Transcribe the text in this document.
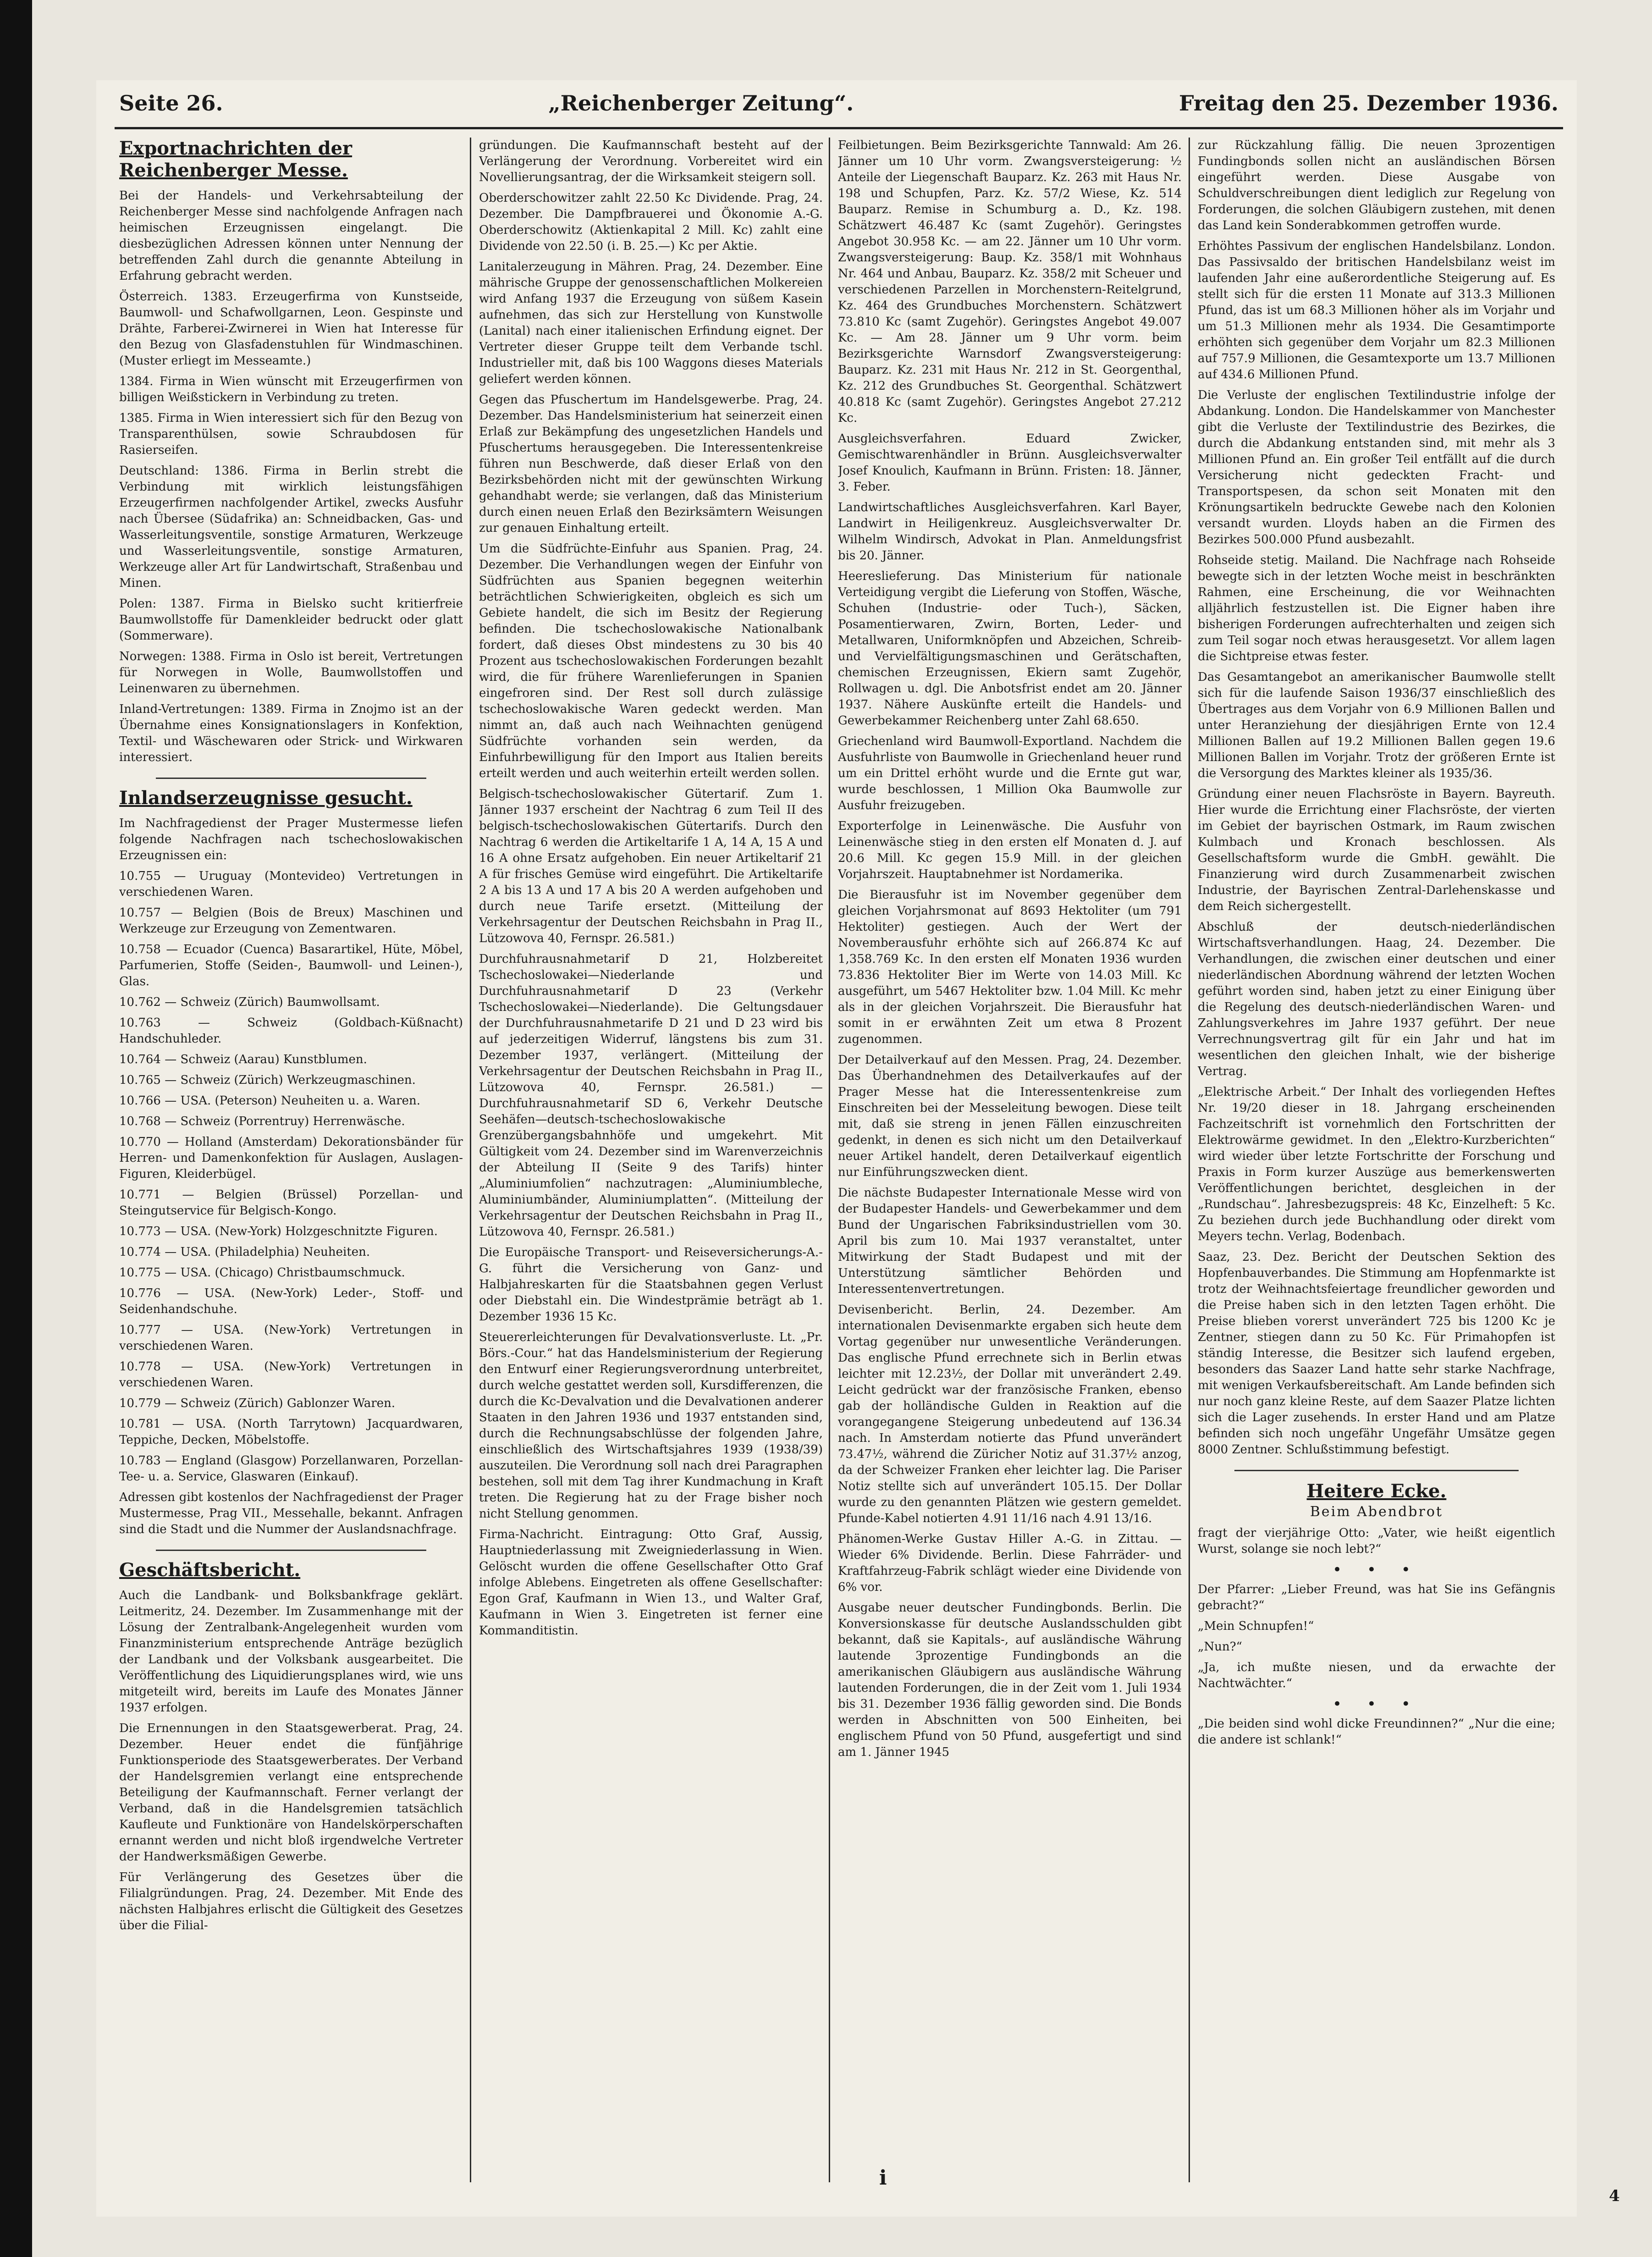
Seite 26.	„Reichenberger Zeitung“.	Freitag den 25. Dezember 1936.
Exportnachrichten der Reichenberger Messe.

Bei der Handels- und Verkehrsabteilung der Reichenberger Messe sind nachfolgende Anfragen nach heimischen Erzeugnissen eingelangt. Die diesbezüglichen Adressen können unter Nennung der betreffenden Zahl durch die genannte Abteilung in Erfahrung gebracht werden.

Österreich. 1383. Erzeugerfirma von Kunstseide, Baumwoll- und Schafwollgarnen, Leon. Gespinste und Drähte, Farberei-Zwirnerei in Wien hat Interesse für den Bezug von Glasfadenstuhlen für Windmaschinen. (Muster erliegt im Messeamte.)

1384. Firma in Wien wünscht mit Erzeugerfirmen von billigen Weißstickern in Verbindung zu treten.

1385. Firma in Wien interessiert sich für den Bezug von Transparenthülsen, sowie Schraubdosen für Rasierseifen.

Deutschland: 1386. Firma in Berlin strebt die Verbindung mit wirklich leistungsfähigen Erzeugerfirmen nachfolgender Artikel, zwecks Ausfuhr nach Übersee (Südafrika) an: Schneidbacken, Gas- und Wasserleitungsventile, sonstige Armaturen, Werkzeuge und Wasserleitungsventile, sonstige Armaturen, Werkzeuge aller Art für Landwirtschaft, Straßenbau und Minen.

Polen: 1387. Firma in Bielsko sucht kritierfreie Baumwollstoffe für Damenkleider bedruckt oder glatt (Sommerware).

Norwegen: 1388. Firma in Oslo ist bereit, Vertretungen für Norwegen in Wolle, Baumwollstoffen und Leinenwaren zu übernehmen.

Inland-Vertretungen: 1389. Firma in Znojmo ist an der Übernahme eines Konsignationslagers in Konfektion, Textil- und Wäschewaren oder Strick- und Wirkwaren interessiert.

Inlandserzeugnisse gesucht.

Im Nachfragedienst der Prager Mustermesse liefen folgende Nachfragen nach tschechoslowakischen Erzeugnissen ein:

10.755 — Uruguay (Montevideo) Vertretungen in verschiedenen Waren.

10.757 — Belgien (Bois de Breux) Maschinen und Werkzeuge zur Erzeugung von Zementwaren.

10.758 — Ecuador (Cuenca) Basarartikel, Hüte, Möbel, Parfumerien, Stoffe (Seiden-, Baumwoll- und Leinen-), Glas.

10.762 — Schweiz (Zürich) Baumwollsamt.

10.763 — Schweiz (Goldbach-Küßnacht) Handschuhleder.

10.764 — Schweiz (Aarau) Kunstblumen.

10.765 — Schweiz (Zürich) Werkzeugmaschinen.

10.766 — USA. (Peterson) Neuheiten u. a. Waren.

10.768 — Schweiz (Porrentruy) Herrenwäsche.

10.770 — Holland (Amsterdam) Dekorationsbänder für Herren- und Damenkonfektion für Auslagen, Auslagen-Figuren, Kleiderbügel.

10.771 — Belgien (Brüssel) Porzellan- und Steingutservice für Belgisch-Kongo.

10.773 — USA. (New-York) Holzgeschnitzte Figuren.

10.774 — USA. (Philadelphia) Neuheiten.

10.775 — USA. (Chicago) Christbaumschmuck.

10.776 — USA. (New-York) Leder-, Stoff- und Seidenhandschuhe.

10.777 — USA. (New-York) Vertretungen in verschiedenen Waren.

10.778 — USA. (New-York) Vertretungen in verschiedenen Waren.

10.779 — Schweiz (Zürich) Gablonzer Waren.

10.781 — USA. (North Tarrytown) Jacquardwaren, Teppiche, Decken, Möbelstoffe.

10.783 — England (Glasgow) Porzellanwaren, Porzellan-Tee- u. a. Service, Glaswaren (Einkauf).

Adressen gibt kostenlos der Nachfragedienst der Prager Mustermesse, Prag VII., Messehalle, bekannt. Anfragen sind die Stadt und die Nummer der Auslandsnachfrage.

Geschäftsbericht.

Auch die Landbank- und Bolksbankfrage geklärt. Leitmeritz, 24. Dezember. Im Zusammenhange mit der Lösung der Zentralbank-Angelegenheit wurden vom Finanzministerium entsprechende Anträge bezüglich der Landbank und der Volksbank ausgearbeitet. Die Veröffentlichung des Liquidierungsplanes wird, wie uns mitgeteilt wird, bereits im Laufe des Monates Jänner 1937 erfolgen.

Die Ernennungen in den Staatsgewerberat. Prag, 24. Dezember. Heuer endet die fünfjährige Funktionsperiode des Staatsgewerberates. Der Verband der Handelsgremien verlangt eine entsprechende Beteiligung der Kaufmannschaft. Ferner verlangt der Verband, daß in die Handelsgremien tatsächlich Kaufleute und Funktionäre von Handelskörperschaften ernannt werden und nicht bloß irgendwelche Vertreter der Handwerksmäßigen Gewerbe.

Für Verlängerung des Gesetzes über die Filialgründungen. Prag, 24. Dezember. Mit Ende des nächsten Halbjahres erlischt die Gültigkeit des Gesetzes über die Filial-

gründungen. Die Kaufmannschaft besteht auf der Verlängerung der Verordnung. Vorbereitet wird ein Novellierungsantrag, der die Wirksamkeit steigern soll.

Oberderschowitzer zahlt 22.50 Kc Dividende. Prag, 24. Dezember. Die Dampfbrauerei und Ökonomie A.-G. Oberderschowitz (Aktienkapital 2 Mill. Kc) zahlt eine Dividende von 22.50 (i. B. 25.—) Kc per Aktie.

Lanitalerzeugung in Mähren. Prag, 24. Dezember. Eine mährische Gruppe der genossenschaftlichen Molkereien wird Anfang 1937 die Erzeugung von süßem Kasein aufnehmen, das sich zur Herstellung von Kunstwolle (Lanital) nach einer italienischen Erfindung eignet. Der Vertreter dieser Gruppe teilt dem Verbande tschl. Industrieller mit, daß bis 100 Waggons dieses Materials geliefert werden können.

Gegen das Pfuschertum im Handelsgewerbe. Prag, 24. Dezember. Das Handelsministerium hat seinerzeit einen Erlaß zur Bekämpfung des ungesetzlichen Handels und Pfuschertums herausgegeben. Die Interessentenkreise führen nun Beschwerde, daß dieser Erlaß von den Bezirksbehörden nicht mit der gewünschten Wirkung gehandhabt werde; sie verlangen, daß das Ministerium durch einen neuen Erlaß den Bezirksämtern Weisungen zur genauen Einhaltung erteilt.

Um die Südfrüchte-Einfuhr aus Spanien. Prag, 24. Dezember. Die Verhandlungen wegen der Einfuhr von Südfrüchten aus Spanien begegnen weiterhin beträchtlichen Schwierigkeiten, obgleich es sich um Gebiete handelt, die sich im Besitz der Regierung befinden. Die tschechoslowakische Nationalbank fordert, daß dieses Obst mindestens zu 30 bis 40 Prozent aus tschechoslowakischen Forderungen bezahlt wird, die für frühere Warenlieferungen in Spanien eingefroren sind. Der Rest soll durch zulässige tschechoslowakische Waren gedeckt werden. Man nimmt an, daß auch nach Weihnachten genügend Südfrüchte vorhanden sein werden, da Einfuhrbewilligung für den Import aus Italien bereits erteilt werden und auch weiterhin erteilt werden sollen.

Belgisch-tschechoslowakischer Gütertarif. Zum 1. Jänner 1937 erscheint der Nachtrag 6 zum Teil II des belgisch-tschechoslowakischen Gütertarifs. Durch den Nachtrag 6 werden die Artikeltarife 1 A, 14 A, 15 A und 16 A ohne Ersatz aufgehoben. Ein neuer Artikeltarif 21 A für frisches Gemüse wird eingeführt. Die Artikeltarife 2 A bis 13 A und 17 A bis 20 A werden aufgehoben und durch neue Tarife ersetzt. (Mitteilung der Verkehrsagentur der Deutschen Reichsbahn in Prag II., Lützowova 40, Fernspr. 26.581.)

Durchfuhrausnahmetarif D 21, Holzbereitet Tschechoslowakei—Niederlande und Durchfuhrausnahmetarif D 23 (Verkehr Tschechoslowakei—Niederlande). Die Geltungsdauer der Durchfuhrausnahmetarife D 21 und D 23 wird bis auf jederzeitigen Widerruf, längstens bis zum 31. Dezember 1937, verlängert. (Mitteilung der Verkehrsagentur der Deutschen Reichsbahn in Prag II., Lützowova 40, Fernspr. 26.581.) — Durchfuhrausnahmetarif SD 6, Verkehr Deutsche Seehäfen—deutsch-tschechoslowakische Grenzübergangsbahnhöfe und umgekehrt. Mit Gültigkeit vom 24. Dezember sind im Warenverzeichnis der Abteilung II (Seite 9 des Tarifs) hinter „Aluminiumfolien“ nachzutragen: „Aluminiumbleche, Aluminiumbänder, Aluminiumplatten“. (Mitteilung der Verkehrsagentur der Deutschen Reichsbahn in Prag II., Lützowova 40, Fernspr. 26.581.)

Die Europäische Transport- und Reiseversicherungs-A.-G. führt die Versicherung von Ganz- und Halbjahreskarten für die Staatsbahnen gegen Verlust oder Diebstahl ein. Die Windestprämie beträgt ab 1. Dezember 1936 15 Kc.

Steuererleichterungen für Devalvationsverluste. Lt. „Pr. Börs.-Cour.“ hat das Handelsministerium der Regierung den Entwurf einer Regierungsverordnung unterbreitet, durch welche gestattet werden soll, Kursdifferenzen, die durch die Kc-Devalvation und die Devalvationen anderer Staaten in den Jahren 1936 und 1937 entstanden sind, durch die Rechnungsabschlüsse der folgenden Jahre, einschließlich des Wirtschaftsjahres 1939 (1938/39) auszuteilen. Die Verordnung soll nach drei Paragraphen bestehen, soll mit dem Tag ihrer Kundmachung in Kraft treten. Die Regierung hat zu der Frage bisher noch nicht Stellung genommen.

Firma-Nachricht. Eintragung: Otto Graf, Aussig, Hauptniederlassung mit Zweigniederlassung in Wien. Gelöscht wurden die offene Gesellschafter Otto Graf infolge Ablebens. Eingetreten als offene Gesellschafter: Egon Graf, Kaufmann in Wien 13., und Walter Graf, Kaufmann in Wien 3. Eingetreten ist ferner eine Kommanditistin.

Feilbietungen. Beim Bezirksgerichte Tannwald: Am 26. Jänner um 10 Uhr vorm. Zwangsversteigerung: ½ Anteile der Liegenschaft Bauparz. Kz. 263 mit Haus Nr. 198 und Schupfen, Parz. Kz. 57/2 Wiese, Kz. 514 Bauparz. Remise in Schumburg a. D., Kz. 198. Schätzwert 46.487 Kc (samt Zugehör). Geringstes Angebot 30.958 Kc. — am 22. Jänner um 10 Uhr vorm. Zwangsversteigerung: Baup. Kz. 358/1 mit Wohnhaus Nr. 464 und Anbau, Bauparz. Kz. 358/2 mit Scheuer und verschiedenen Parzellen in Morchenstern-Reitelgrund, Kz. 464 des Grundbuches Morchenstern. Schätzwert 73.810 Kc (samt Zugehör). Geringstes Angebot 49.007 Kc. — Am 28. Jänner um 9 Uhr vorm. beim Bezirksgerichte Warnsdorf Zwangsversteigerung: Bauparz. Kz. 231 mit Haus Nr. 212 in St. Georgenthal, Kz. 212 des Grundbuches St. Georgenthal. Schätzwert 40.818 Kc (samt Zugehör). Geringstes Angebot 27.212 Kc.

Ausgleichsverfahren. Eduard Zwicker, Gemischtwarenhändler in Brünn. Ausgleichsverwalter Josef Knoulich, Kaufmann in Brünn. Fristen: 18. Jänner, 3. Feber.

Landwirtschaftliches Ausgleichsverfahren. Karl Bayer, Landwirt in Heiligenkreuz. Ausgleichsverwalter Dr. Wilhelm Windirsch, Advokat in Plan. Anmeldungsfrist bis 20. Jänner.

Heereslieferung. Das Ministerium für nationale Verteidigung vergibt die Lieferung von Stoffen, Wäsche, Schuhen (Industrie- oder Tuch-), Säcken, Posamentierwaren, Zwirn, Borten, Leder- und Metallwaren, Uniformknöpfen und Abzeichen, Schreib- und Vervielfältigungsmaschinen und Gerätschaften, chemischen Erzeugnissen, Ekiern samt Zugehör, Rollwagen u. dgl. Die Anbotsfrist endet am 20. Jänner 1937. Nähere Auskünfte erteilt die Handels- und Gewerbekammer Reichenberg unter Zahl 68.650.

Griechenland wird Baumwoll-Exportland. Nachdem die Ausfuhrliste von Baumwolle in Griechenland heuer rund um ein Drittel erhöht wurde und die Ernte gut war, wurde beschlossen, 1 Million Oka Baumwolle zur Ausfuhr freizugeben.

Exporterfolge in Leinenwäsche. Die Ausfuhr von Leinenwäsche stieg in den ersten elf Monaten d. J. auf 20.6 Mill. Kc gegen 15.9 Mill. in der gleichen Vorjahrszeit. Hauptabnehmer ist Nordamerika.

Die Bierausfuhr ist im November gegenüber dem gleichen Vorjahrsmonat auf 8693 Hektoliter (um 791 Hektoliter) gestiegen. Auch der Wert der Novemberausfuhr erhöhte sich auf 266.874 Kc auf 1,358.769 Kc. In den ersten elf Monaten 1936 wurden 73.836 Hektoliter Bier im Werte von 14.03 Mill. Kc ausgeführt, um 5467 Hektoliter bzw. 1.04 Mill. Kc mehr als in der gleichen Vorjahrszeit. Die Bierausfuhr hat somit in er erwähnten Zeit um etwa 8 Prozent zugenommen.

Der Detailverkauf auf den Messen. Prag, 24. Dezember. Das Überhandnehmen des Detailverkaufes auf der Prager Messe hat die Interessentenkreise zum Einschreiten bei der Messeleitung bewogen. Diese teilt mit, daß sie streng in jenen Fällen einzuschreiten gedenkt, in denen es sich nicht um den Detailverkauf neuer Artikel handelt, deren Detailverkauf eigentlich nur Einführungszwecken dient.

Die nächste Budapester Internationale Messe wird von der Budapester Handels- und Gewerbekammer und dem Bund der Ungarischen Fabriksindustriellen vom 30. April bis zum 10. Mai 1937 veranstaltet, unter Mitwirkung der Stadt Budapest und mit der Unterstützung sämtlicher Behörden und Interessentenvertretungen.

Devisenbericht. Berlin, 24. Dezember. Am internationalen Devisenmarkte ergaben sich heute dem Vortag gegenüber nur unwesentliche Veränderungen. Das englische Pfund errechnete sich in Berlin etwas leichter mit 12.23½, der Dollar mit unverändert 2.49. Leicht gedrückt war der französische Franken, ebenso gab der holländische Gulden in Reaktion auf die vorangegangene Steigerung unbedeutend auf 136.34 nach. In Amsterdam notierte das Pfund unverändert 73.47½, während die Züricher Notiz auf 31.37½ anzog, da der Schweizer Franken eher leichter lag. Die Pariser Notiz stellte sich auf unverändert 105.15. Der Dollar wurde zu den genannten Plätzen wie gestern gemeldet. Pfunde-Kabel notierten 4.91 11/16 nach 4.91 13/16.

Phänomen-Werke Gustav Hiller A.-G. in Zittau. — Wieder 6% Dividende. Berlin. Diese Fahrräder- und Kraftfahrzeug-Fabrik schlägt wieder eine Dividende von 6% vor.

Ausgabe neuer deutscher Fundingbonds. Berlin. Die Konversionskasse für deutsche Auslandsschulden gibt bekannt, daß sie Kapitals-, auf ausländische Währung lautende 3prozentige Fundingbonds an die amerikanischen Gläubigern aus ausländische Währung lautenden Forderungen, die in der Zeit vom 1. Juli 1934 bis 31. Dezember 1936 fällig geworden sind. Die Bonds werden in Abschnitten von 500 Einheiten, bei englischem Pfund von 50 Pfund, ausgefertigt und sind am 1. Jänner 1945

zur Rückzahlung fällig. Die neuen 3prozentigen Fundingbonds sollen nicht an ausländischen Börsen eingeführt werden. Diese Ausgabe von Schuldverschreibungen dient lediglich zur Regelung von Forderungen, die solchen Gläubigern zustehen, mit denen das Land kein Sonderabkommen getroffen wurde.

Erhöhtes Passivum der englischen Handelsbilanz. London. Das Passivsaldo der britischen Handelsbilanz weist im laufenden Jahr eine außerordentliche Steigerung auf. Es stellt sich für die ersten 11 Monate auf 313.3 Millionen Pfund, das ist um 68.3 Millionen höher als im Vorjahr und um 51.3 Millionen mehr als 1934. Die Gesamtimporte erhöhten sich gegenüber dem Vorjahr um 82.3 Millionen auf 757.9 Millionen, die Gesamtexporte um 13.7 Millionen auf 434.6 Millionen Pfund.

Die Verluste der englischen Textilindustrie infolge der Abdankung. London. Die Handelskammer von Manchester gibt die Verluste der Textilindustrie des Bezirkes, die durch die Abdankung entstanden sind, mit mehr als 3 Millionen Pfund an. Ein großer Teil entfällt auf die durch Versicherung nicht gedeckten Fracht- und Transportspesen, da schon seit Monaten mit den Krönungsartikeln bedruckte Gewebe nach den Kolonien versandt wurden. Lloyds haben an die Firmen des Bezirkes 500.000 Pfund ausbezahlt.

Rohseide stetig. Mailand. Die Nachfrage nach Rohseide bewegte sich in der letzten Woche meist in beschränkten Rahmen, eine Erscheinung, die vor Weihnachten alljährlich festzustellen ist. Die Eigner haben ihre bisherigen Forderungen aufrechterhalten und zeigen sich zum Teil sogar noch etwas herausgesetzt. Vor allem lagen die Sichtpreise etwas fester.

Das Gesamtangebot an amerikanischer Baumwolle stellt sich für die laufende Saison 1936/37 einschließlich des Übertrages aus dem Vorjahr von 6.9 Millionen Ballen und unter Heranziehung der diesjährigen Ernte von 12.4 Millionen Ballen auf 19.2 Millionen Ballen gegen 19.6 Millionen Ballen im Vorjahr. Trotz der größeren Ernte ist die Versorgung des Marktes kleiner als 1935/36.

Gründung einer neuen Flachsröste in Bayern. Bayreuth. Hier wurde die Errichtung einer Flachsröste, der vierten im Gebiet der bayrischen Ostmark, im Raum zwischen Kulmbach und Kronach beschlossen. Als Gesellschaftsform wurde die GmbH. gewählt. Die Finanzierung wird durch Zusammenarbeit zwischen Industrie, der Bayrischen Zentral-Darlehenskasse und dem Reich sichergestellt.

Abschluß der deutsch-niederländischen Wirtschaftsverhandlungen. Haag, 24. Dezember. Die Verhandlungen, die zwischen einer deutschen und einer niederländischen Abordnung während der letzten Wochen geführt worden sind, haben jetzt zu einer Einigung über die Regelung des deutsch-niederländischen Waren- und Zahlungsverkehres im Jahre 1937 geführt. Der neue Verrechnungsvertrag gilt für ein Jahr und hat im wesentlichen den gleichen Inhalt, wie der bisherige Vertrag.

„Elektrische Arbeit.“ Der Inhalt des vorliegenden Heftes Nr. 19/20 dieser in 18. Jahrgang erscheinenden Fachzeitschrift ist vornehmlich den Fortschritten der Elektrowärme gewidmet. In den „Elektro-Kurzberichten“ wird wieder über letzte Fortschritte der Forschung und Praxis in Form kurzer Auszüge aus bemerkenswerten Veröffentlichungen berichtet, desgleichen in der „Rundschau“. Jahresbezugspreis: 48 Kc, Einzelheft: 5 Kc. Zu beziehen durch jede Buchhandlung oder direkt vom Meyers techn. Verlag, Bodenbach.

Saaz, 23. Dez. Bericht der Deutschen Sektion des Hopfenbauverbandes. Die Stimmung am Hopfenmarkte ist trotz der Weihnachtsfeiertage freundlicher geworden und die Preise haben sich in den letzten Tagen erhöht. Die Preise blieben vorerst unverändert 725 bis 1200 Kc je Zentner, stiegen dann zu 50 Kc. Für Primahopfen ist ständig Interesse, die Besitzer sich laufend ergeben, besonders das Saazer Land hatte sehr starke Nachfrage, mit wenigen Verkaufsbereitschaft. Am Lande befinden sich nur noch ganz kleine Reste, auf dem Saazer Platze lichten sich die Lager zusehends. In erster Hand und am Platze befinden sich noch ungefähr Ungefähr Umsätze gegen 8000 Zentner. Schlußstimmung befestigt.

Heitere Ecke.
Beim Abendbrot

fragt der vierjährige Otto: „Vater, wie heißt eigentlich Wurst, solange sie noch lebt?“

• • •

Der Pfarrer: „Lieber Freund, was hat Sie ins Gefängnis gebracht?“

„Mein Schnupfen!“

„Nun?“

„Ja, ich mußte niesen, und da erwachte der Nachtwächter.“

• • •

„Die beiden sind wohl dicke Freundinnen?“ „Nur die eine; die andere ist schlank!“

i
4
